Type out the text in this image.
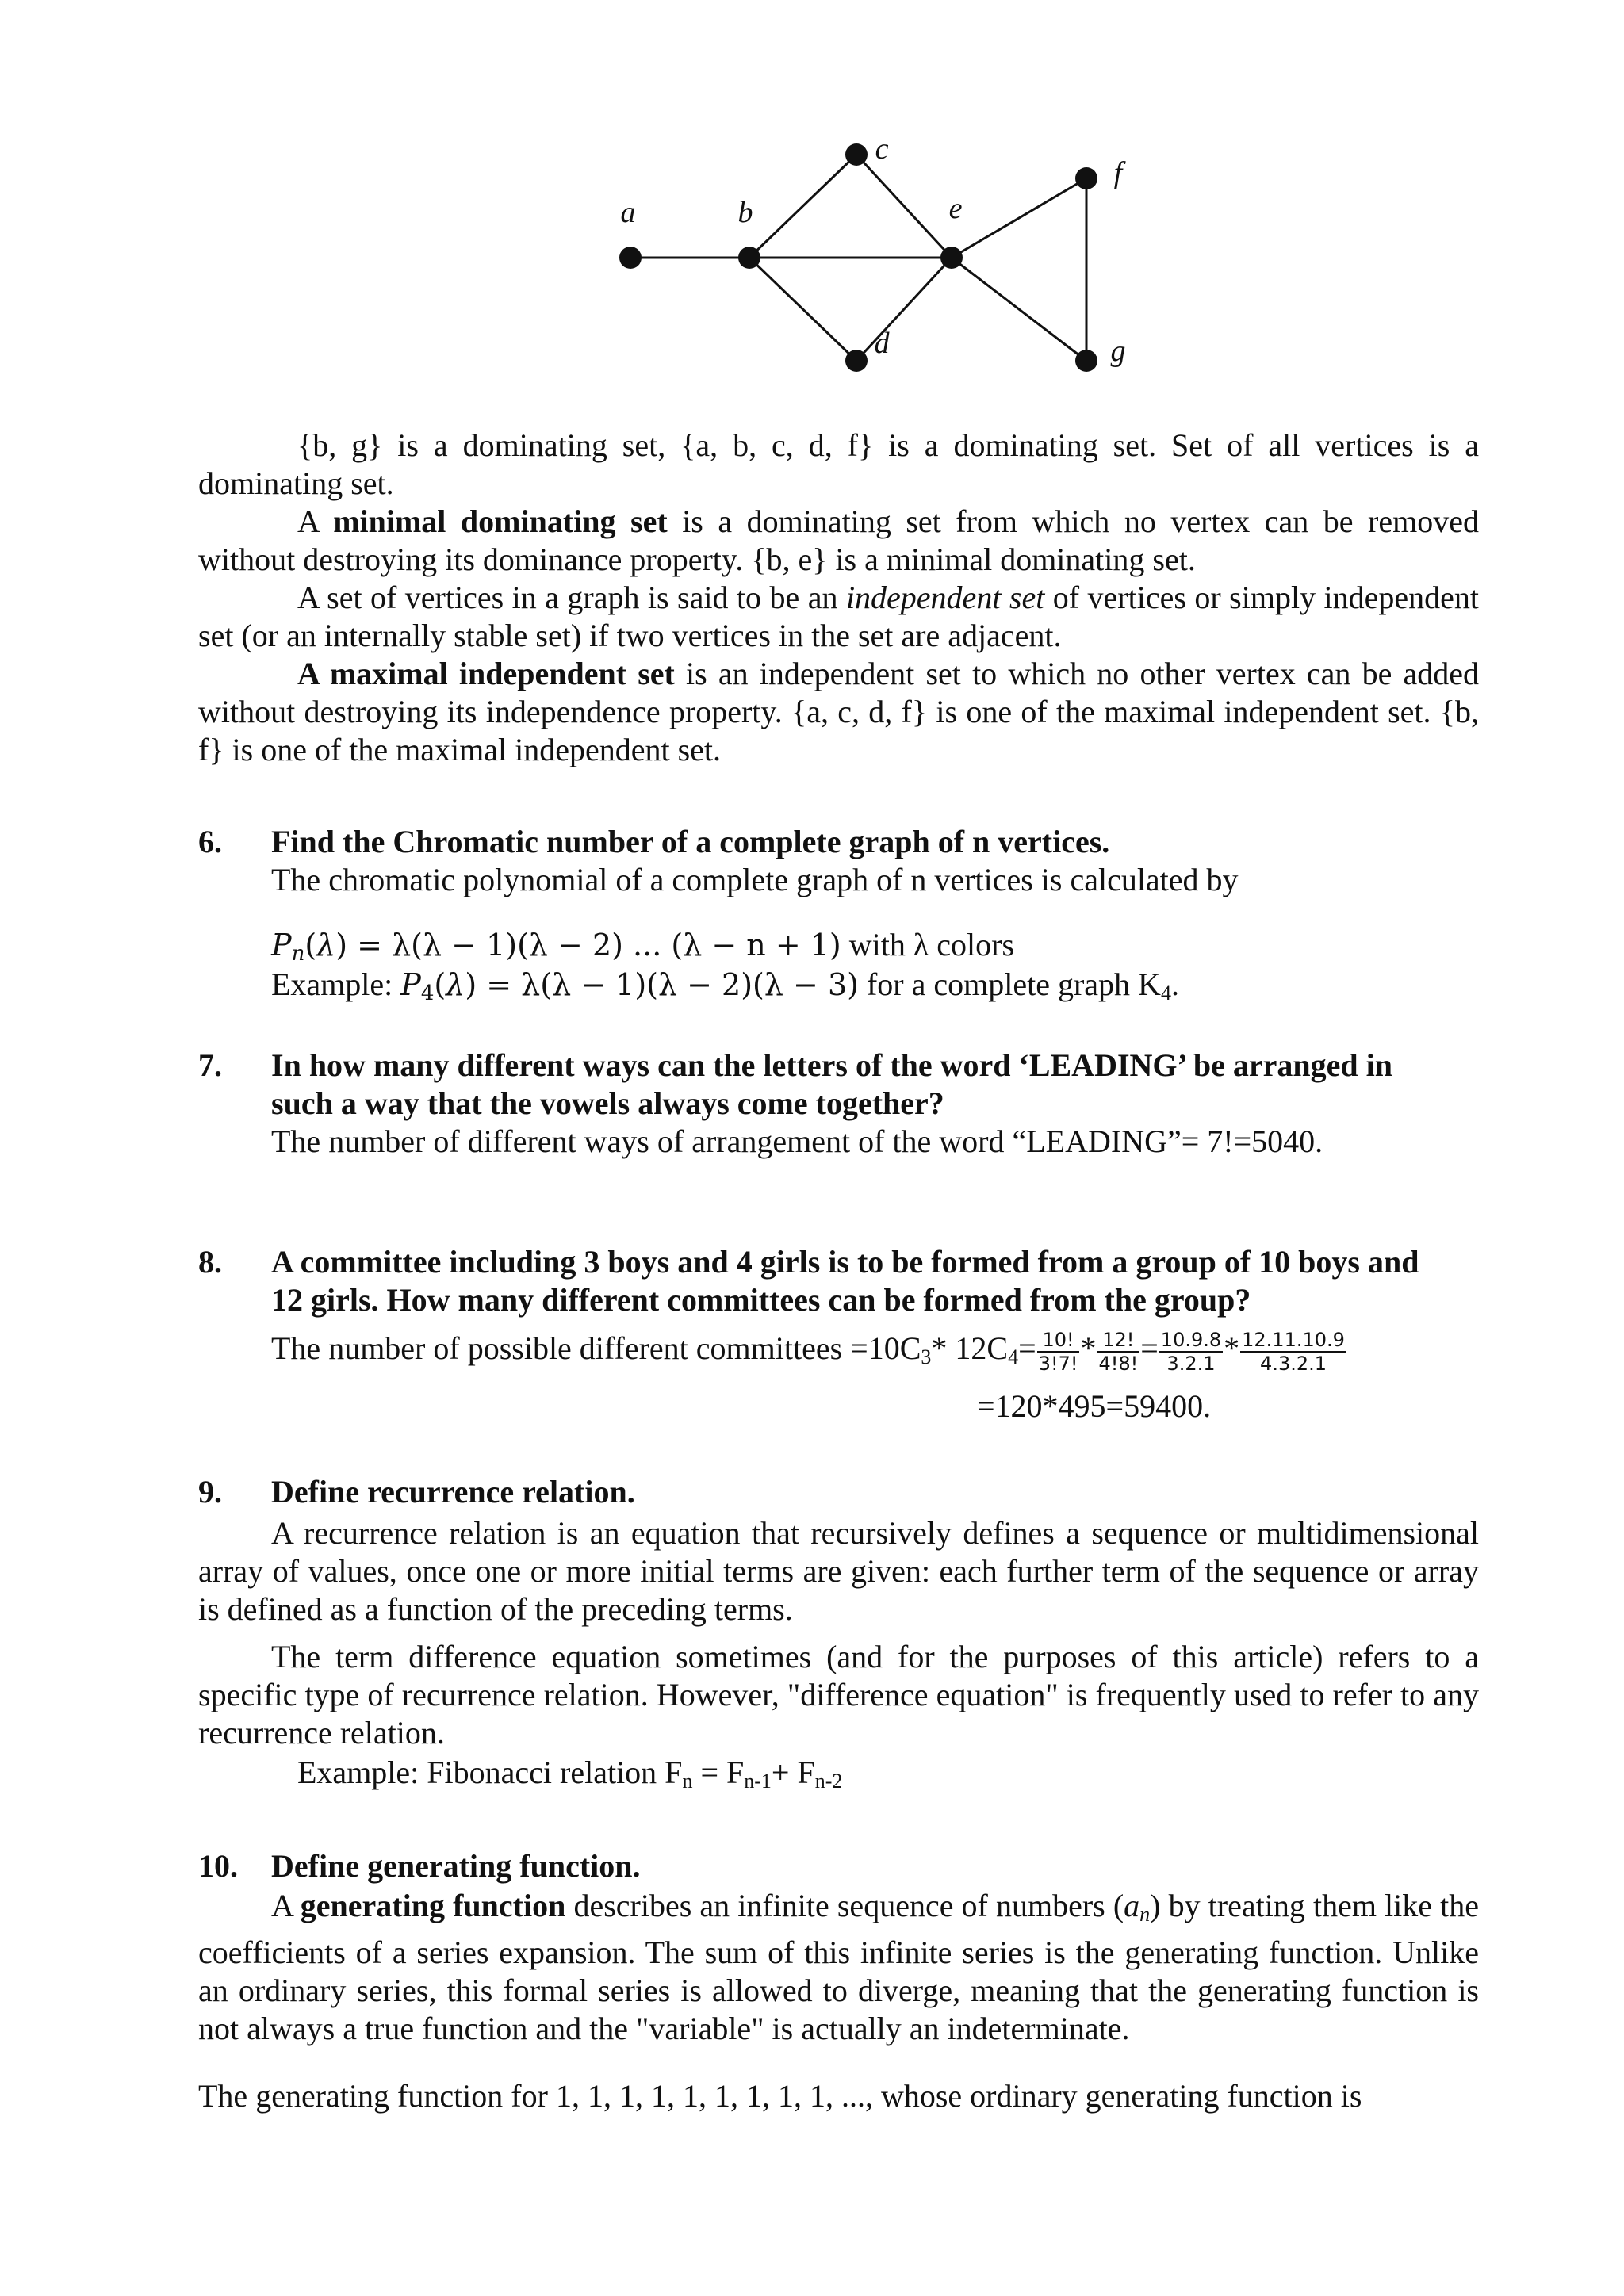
a	b
c
d
e
f
g

{b, g} is a dominating set, {a, b, c, d, f} is a dominating set. Set of all vertices is a dominating set.

A minimal dominating set is a dominating set from which no vertex can be removed without destroying its dominance property. {b, e} is a minimal dominating set.

A set of vertices in a graph is said to be an independent set of vertices or simply independent set (or an internally stable set) if two vertices in the set are adjacent.

A maximal independent set is an independent set to which no other vertex can be added without destroying its independence property. {a, c, d, f} is one of the maximal independent set. {b, f} is one of the maximal independent set.

6. Find the Chromatic number of a complete graph of n vertices.

The chromatic polynomial of a complete graph of n vertices is calculated by

$P_n(\lambda) = \lambda(\lambda - 1)(\lambda - 2)$ ... (λ − n + 1) with λ colors

Example: $P_4(\lambda) = \lambda(\lambda - 1)(\lambda - 2)(\lambda - 3)$ for a complete graph $K_4$.

7. In how many different ways can the letters of the word ‘LEADING’ be arranged in

such a way that the vowels always come together?

The number of different ways of arrangement of the word “LEADING”= 7!=5040.

8. A committee including 3 boys and 4 girls is to be formed from a group of 10 boys and

12 girls. How many different committees can be formed from the group?

The number of possible different committees $=10C_3*$ $12C_4= \frac{10!}{3!7!} * \frac{12!}{4!8!} = \frac{10.9.8}{3.2.1} * \frac{12.11.10.9}{4.3.2.1}$

=120*495=59400.

9. Define recurrence relation.

A recurrence relation is an equation that recursively defines a sequence or multidimensional array of values, once one or more initial terms are given: each further term of the sequence or array is defined as a function of the preceding terms.

The term difference equation sometimes (and for the purposes of this article) refers to a specific type of recurrence relation. However, "difference equation" is frequently used to refer to any recurrence relation.

Example: Fibonacci relation $F_n = F_{n-1}+ F_{n-2}$

10. Define generating function.

A generating function describes an infinite sequence of numbers $(a_n)$ by treating them like the coefficients of a series expansion. The sum of this infinite series is the generating function. Unlike an ordinary series, this formal series is allowed to diverge, meaning that the generating function is not always a true function and the "variable" is actually an indeterminate.

The generating function for 1, 1, 1, 1, 1, 1, 1, 1, 1, ..., whose ordinary generating function is
